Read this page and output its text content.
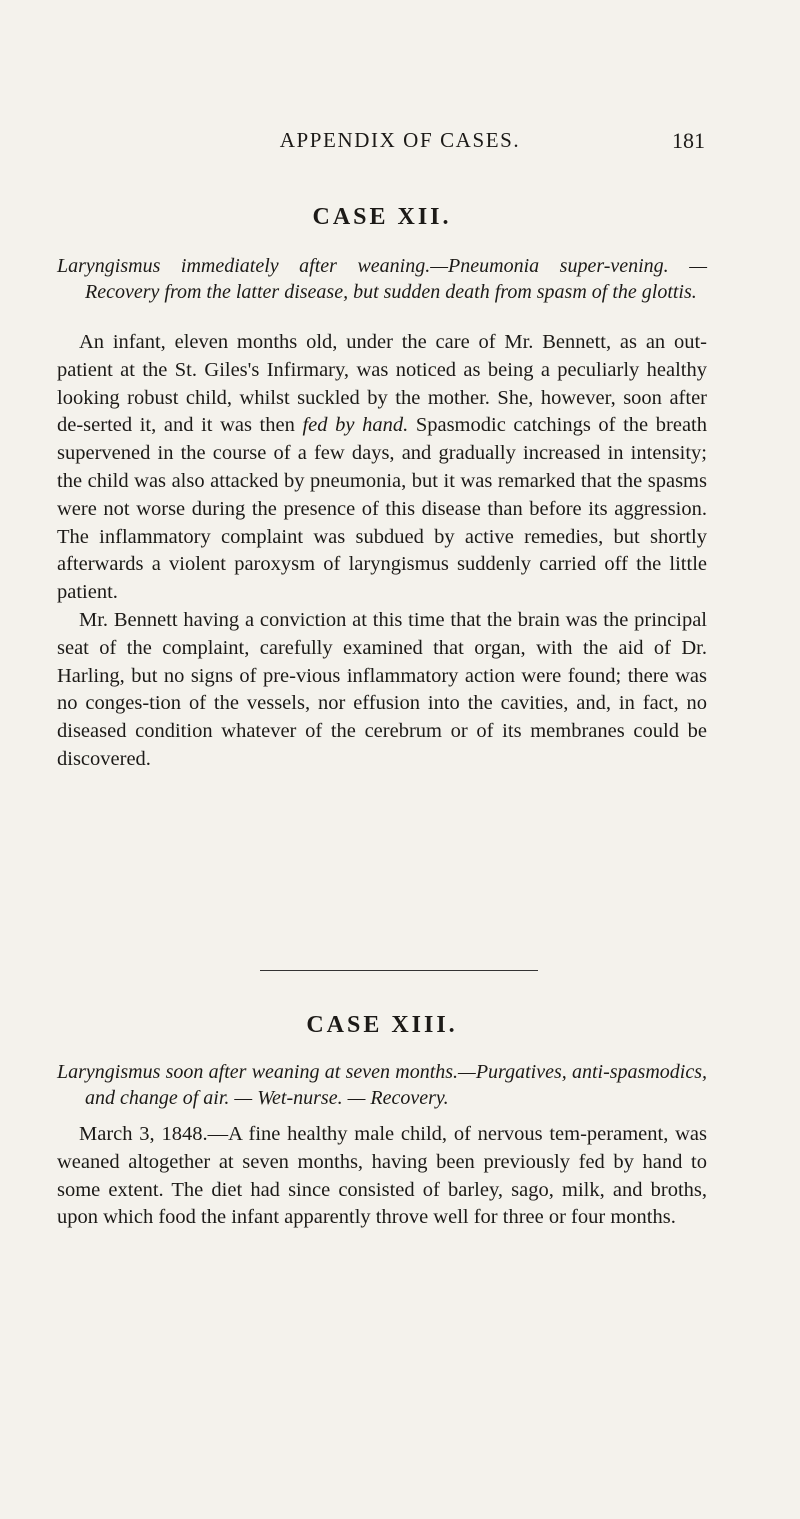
APPENDIX OF CASES.	181
CASE XII.

Laryngismus immediately after weaning.—Pneumonia super-vening. — Recovery from the latter disease, but sudden death from spasm of the glottis.

An infant, eleven months old, under the care of Mr. Bennett, as an out-patient at the St. Giles's Infirmary, was noticed as being a peculiarly healthy looking robust child, whilst suckled by the mother. She, however, soon after de-serted it, and it was then fed by hand. Spasmodic catchings of the breath supervened in the course of a few days, and gradually increased in intensity; the child was also attacked by pneumonia, but it was remarked that the spasms were not worse during the presence of this disease than before its aggression. The inflammatory complaint was subdued by active remedies, but shortly afterwards a violent paroxysm of laryngismus suddenly carried off the little patient.

Mr. Bennett having a conviction at this time that the brain was the principal seat of the complaint, carefully examined that organ, with the aid of Dr. Harling, but no signs of pre-vious inflammatory action were found; there was no conges-tion of the vessels, nor effusion into the cavities, and, in fact, no diseased condition whatever of the cerebrum or of its membranes could be discovered.

CASE XIII.

Laryngismus soon after weaning at seven months.—Purgatives, anti-spasmodics, and change of air. — Wet-nurse. — Recovery.

March 3, 1848.—A fine healthy male child, of nervous tem-perament, was weaned altogether at seven months, having been previously fed by hand to some extent. The diet had since consisted of barley, sago, milk, and broths, upon which food the infant apparently throve well for three or four months.
